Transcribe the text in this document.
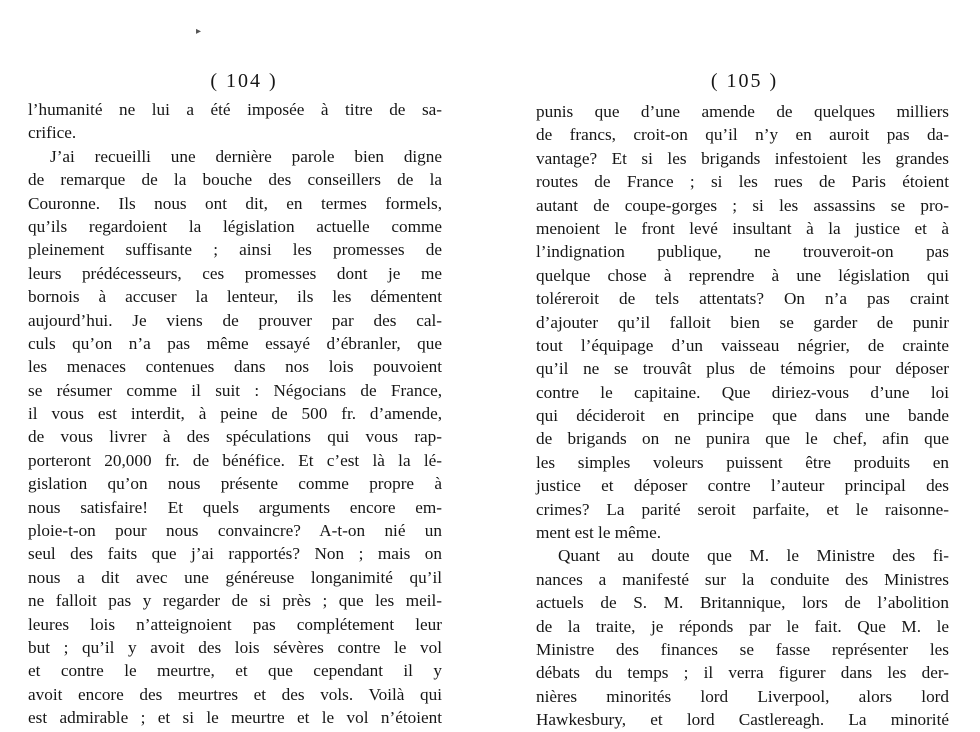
▸
( 104 )
l’humanité ne lui a été imposée à titre de sa-
crifice.
J’ai recueilli une dernière parole bien digne
de remarque de la bouche des conseillers de la
Couronne. Ils nous ont dit, en termes formels,
qu’ils regardoient la législation actuelle comme
pleinement suffisante ; ainsi les promesses de
leurs prédécesseurs, ces promesses dont je me
bornois à accuser la lenteur, ils les démentent
aujourd’hui. Je viens de prouver par des cal-
culs qu’on n’a pas même essayé d’ébranler, que
les menaces contenues dans nos lois pouvoient
se résumer comme il suit : Négocians de France,
il vous est interdit, à peine de 500 fr. d’amende,
de vous livrer à des spéculations qui vous rap-
porteront 20,000 fr. de bénéfice. Et c’est là la lé-
gislation qu’on nous présente comme propre à
nous satisfaire! Et quels arguments encore em-
ploie-t-on pour nous convaincre? A-t-on nié un
seul des faits que j’ai rapportés? Non ; mais on
nous a dit avec une généreuse longanimité qu’il
ne falloit pas y regarder de si près ; que les meil-
leures lois n’atteignoient pas complétement leur
but ; qu’il y avoit des lois sévères contre le vol
et contre le meurtre, et que cependant il y
avoit encore des meurtres et des vols. Voilà qui
est admirable ; et si le meurtre et le vol n’étoient
( 105 )
punis que d’une amende de quelques milliers
de francs, croit-on qu’il n’y en auroit pas da-
vantage? Et si les brigands infestoient les grandes
routes de France ; si les rues de Paris étoient
autant de coupe-gorges ; si les assassins se pro-
menoient le front levé insultant à la justice et à
l’indignation publique, ne trouveroit-on pas
quelque chose à reprendre à une législation qui
toléreroit de tels attentats? On n’a pas craint
d’ajouter qu’il falloit bien se garder de punir
tout l’équipage d’un vaisseau négrier, de crainte
qu’il ne se trouvât plus de témoins pour déposer
contre le capitaine. Que diriez-vous d’une loi
qui décideroit en principe que dans une bande
de brigands on ne punira que le chef, afin que
les simples voleurs puissent être produits en
justice et déposer contre l’auteur principal des
crimes? La parité seroit parfaite, et le raisonne-
ment est le même.
Quant au doute que M. le Ministre des fi-
nances a manifesté sur la conduite des Ministres
actuels de S. M. Britannique, lors de l’abolition
de la traite, je réponds par le fait. Que M. le
Ministre des finances se fasse représenter les
débats du temps ; il verra figurer dans les der-
nières minorités lord Liverpool, alors lord
Hawkesbury, et lord Castlereagh. La minorité
